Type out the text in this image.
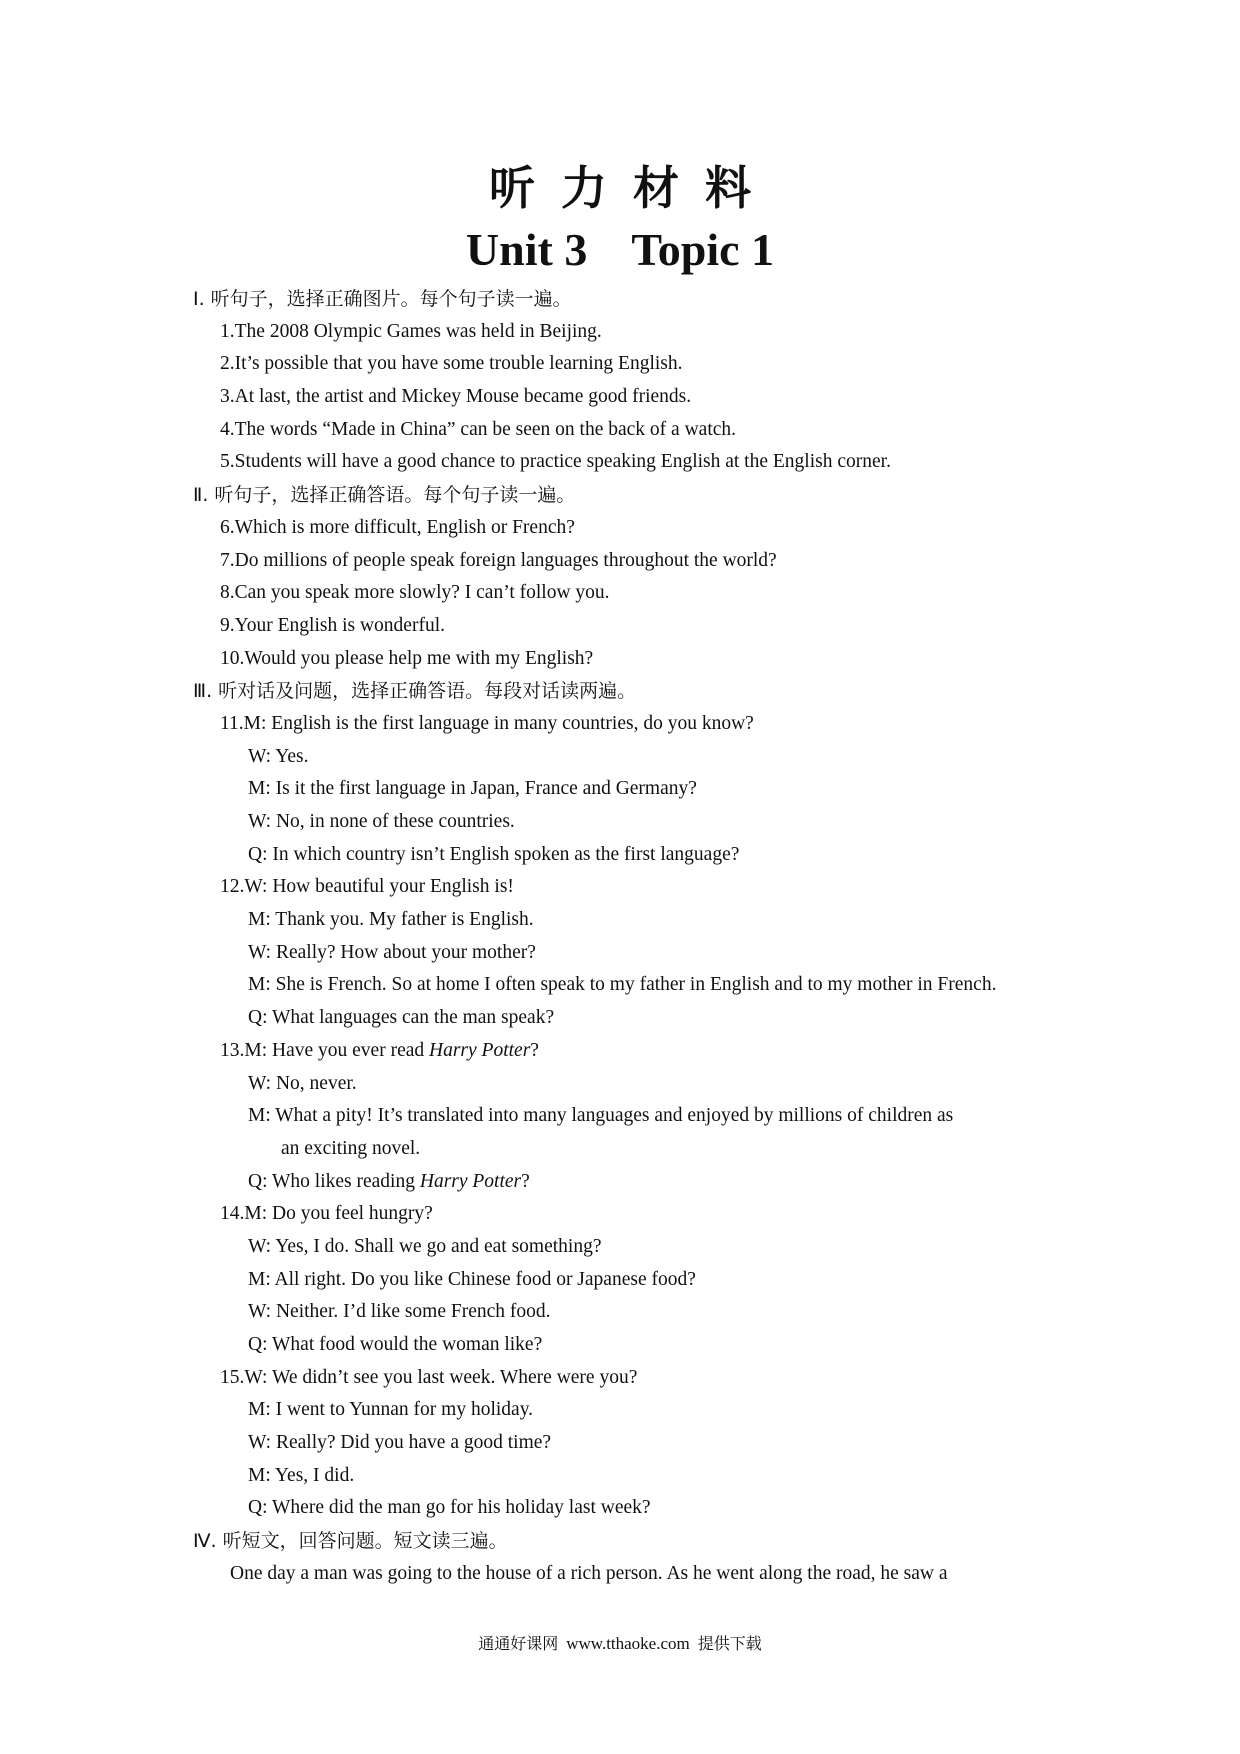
听力材料
Unit 3 Topic 1
Ⅰ. 听句子，选择正确图片。每个句子读一遍。
1.The 2008 Olympic Games was held in Beijing.
2.It’s possible that you have some trouble learning English.
3.At last, the artist and Mickey Mouse became good friends.
4.The words “Made in China” can be seen on the back of a watch.
5.Students will have a good chance to practice speaking English at the English corner.
Ⅱ. 听句子，选择正确答语。每个句子读一遍。
6.Which is more difficult, English or French?
7.Do millions of people speak foreign languages throughout the world?
8.Can you speak more slowly? I can’t follow you.
9.Your English is wonderful.
10.Would you please help me with my English?
Ⅲ. 听对话及问题，选择正确答语。每段对话读两遍。
11.M: English is the first language in many countries, do you know?
W: Yes.
M: Is it the first language in Japan, France and Germany?
W: No, in none of these countries.
Q: In which country isn’t English spoken as the first language?
12.W: How beautiful your English is!
M: Thank you. My father is English.
W: Really? How about your mother?
M: She is French. So at home I often speak to my father in English and to my mother in French.
Q: What languages can the man speak?
13.M: Have you ever read Harry Potter?
W: No, never.
M: What a pity! It’s translated into many languages and enjoyed by millions of children as
an exciting novel.
Q: Who likes reading Harry Potter?
14.M: Do you feel hungry?
W: Yes, I do. Shall we go and eat something?
M: All right. Do you like Chinese food or Japanese food?
W: Neither. I’d like some French food.
Q: What food would the woman like?
15.W: We didn’t see you last week. Where were you?
M: I went to Yunnan for my holiday.
W: Really? Did you have a good time?
M: Yes, I did.
Q: Where did the man go for his holiday last week?
Ⅳ. 听短文，回答问题。短文读三遍。
One day a man was going to the house of a rich person. As he went along the road, he saw a
通通好课网 www.tthaoke.com 提供下载
